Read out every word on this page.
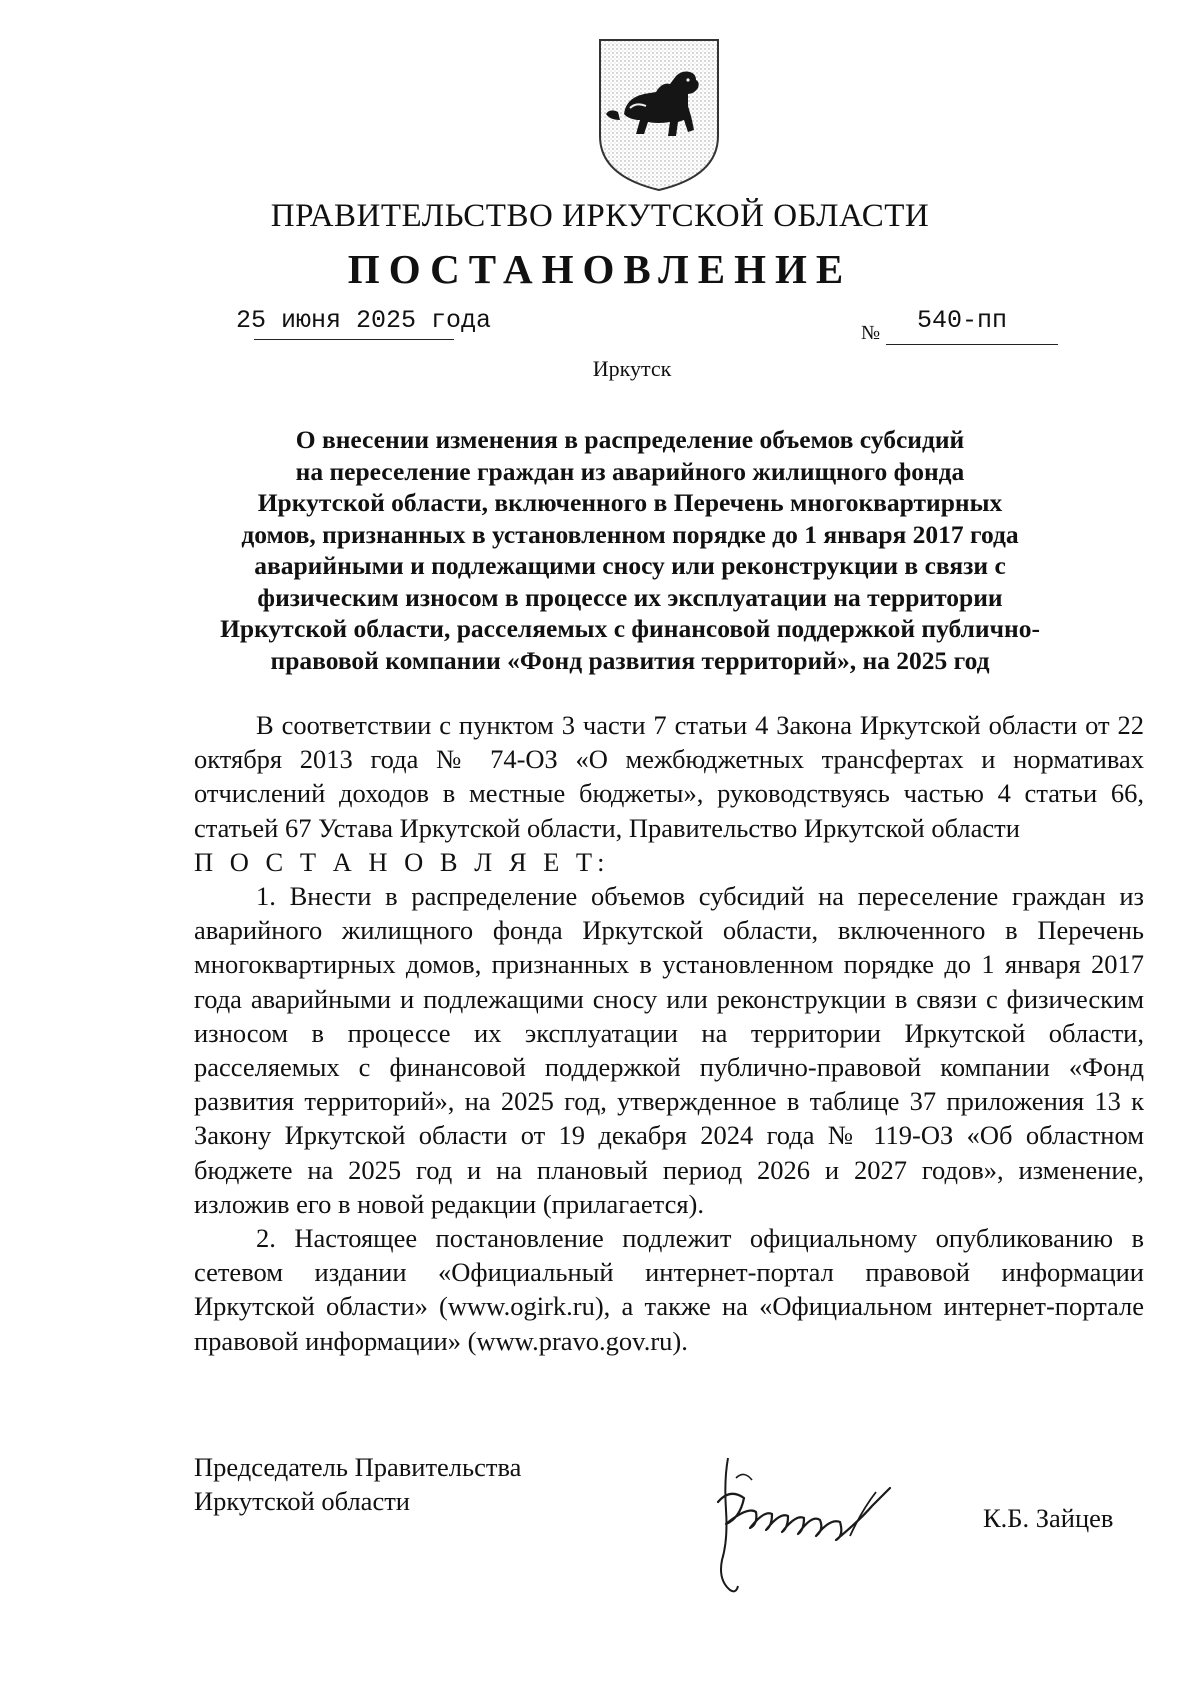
ПРАВИТЕЛЬСТВО ИРКУТСКОЙ ОБЛАСТИ
ПОСТАНОВЛЕНИЕ
25 июня 2025 года	№ 540-пп
Иркутск
О внесении изменения в распределение объемов субсидий
на переселение граждан из аварийного жилищного фонда
Иркутской области, включенного в Перечень многоквартирных
домов, признанных в установленном порядке до 1 января 2017 года
аварийными и подлежащими сносу или реконструкции в связи с
физическим износом в процессе их эксплуатации на территории
Иркутской области, расселяемых с финансовой поддержкой публично-
правовой компании «Фонд развития территорий», на 2025 год

В соответствии с пунктом 3 части 7 статьи 4 Закона Иркутской области от 22 октября 2013 года № 74-ОЗ «О межбюджетных трансфертах и нормативах отчислений доходов в местные бюджеты», руководствуясь частью 4 статьи 66, статьей 67 Устава Иркутской области, Правительство Иркутской области

П О С Т А Н О В Л Я Е Т:

1. Внести в распределение объемов субсидий на переселение граждан из аварийного жилищного фонда Иркутской области, включенного в Перечень многоквартирных домов, признанных в установленном порядке до 1 января 2017 года аварийными и подлежащими сносу или реконструкции в связи с физическим износом в процессе их эксплуатации на территории Иркутской области, расселяемых с финансовой поддержкой публично-правовой компании «Фонд развития территорий», на 2025 год, утвержденное в таблице 37 приложения 13 к Закону Иркутской области от 19 декабря 2024 года № 119-ОЗ «Об областном бюджете на 2025 год и на плановый период 2026 и 2027 годов», изменение, изложив его в новой редакции (прилагается).

2. Настоящее постановление подлежит официальному опубликованию в сетевом издании «Официальный интернет-портал правовой информации Иркутской области» (www.ogirk.ru), а также на «Официальном интернет-портале правовой информации» (www.pravo.gov.ru).

Председатель Правительства
Иркутской области
К.Б. Зайцев
